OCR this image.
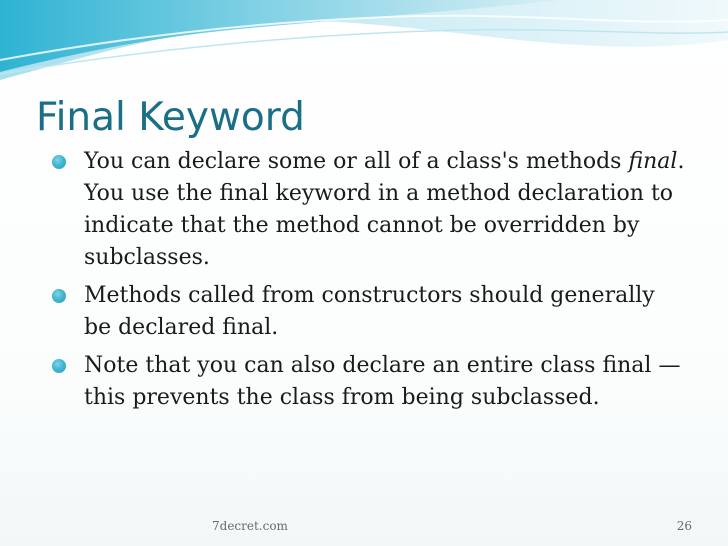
Final Keyword
You can declare some or all of a class's methods final. You use the final keyword in a method declaration to indicate that the method cannot be overridden by subclasses.
Methods called from constructors should generally be declared final.
Note that you can also declare an entire class final — this prevents the class from being subclassed.
7decret.com	26
